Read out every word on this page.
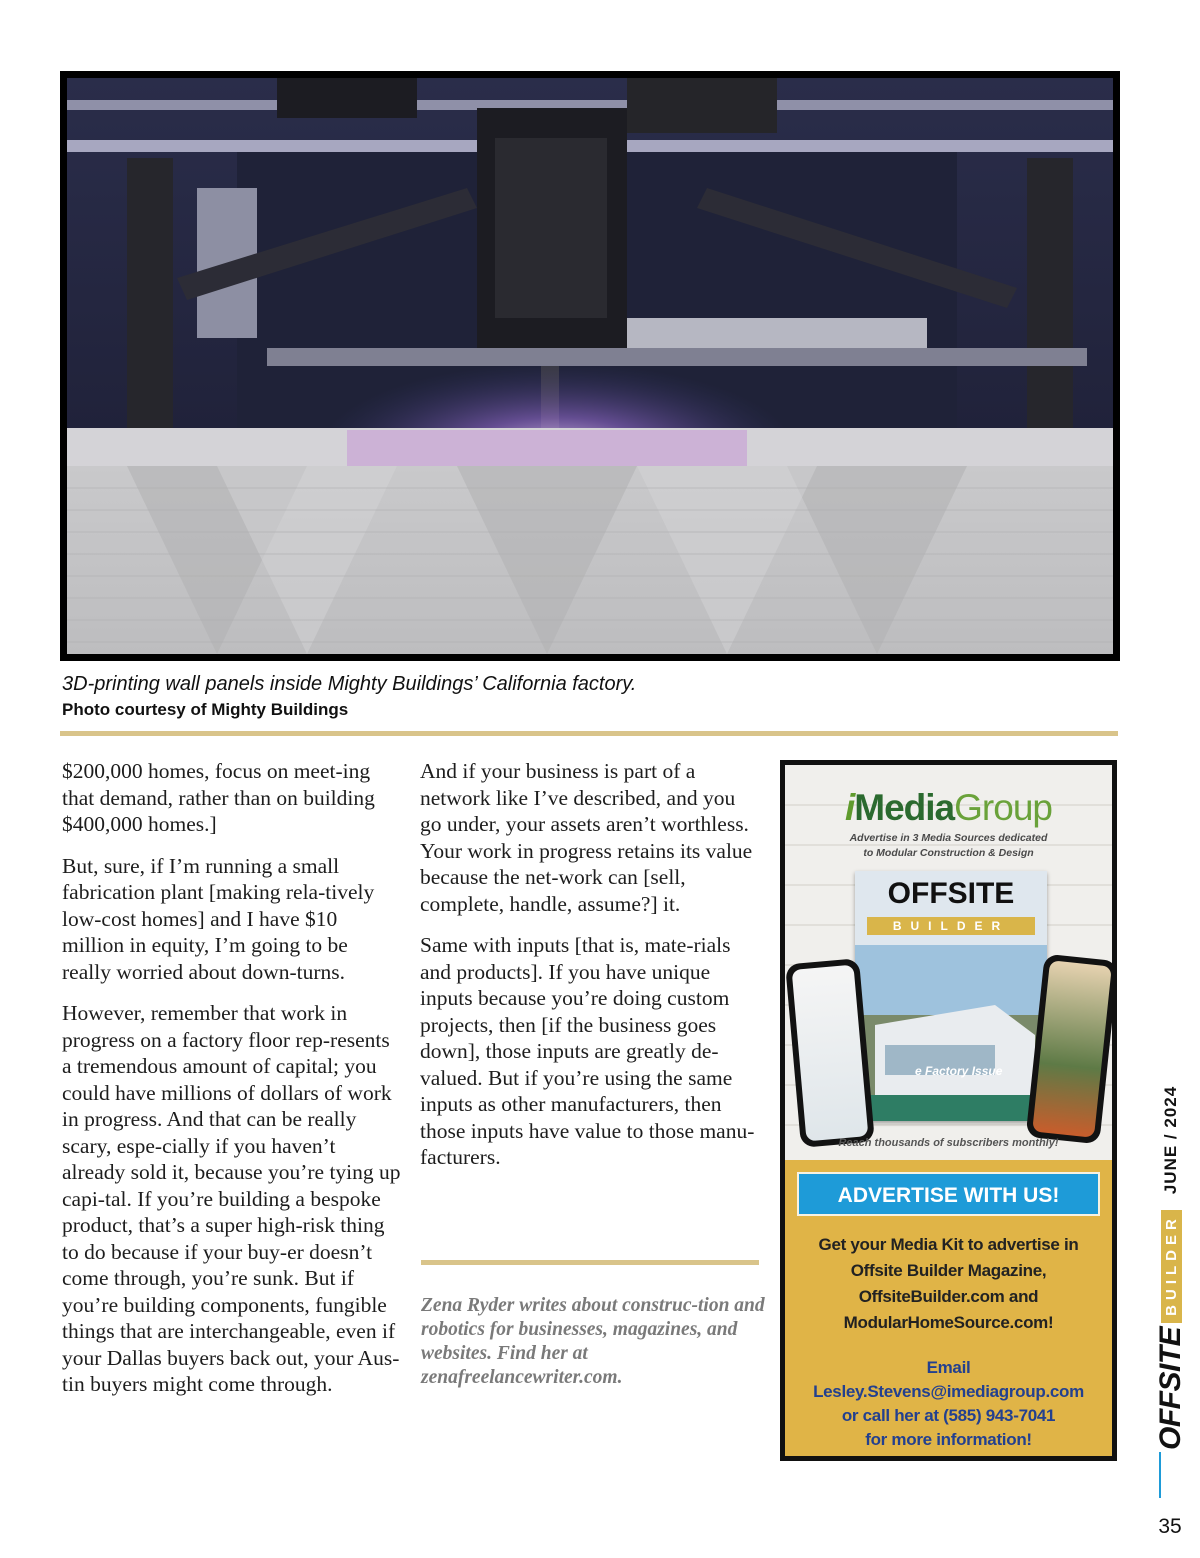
3D-printing wall panels inside Mighty Buildings’ California factory.
Photo courtesy of Mighty Buildings

$200,000 homes, focus on meet-ing that demand, rather than on building $400,000 homes.]

But, sure, if I’m running a small fabrication plant [making rela-tively low-cost homes] and I have $10 million in equity, I’m going to be really worried about down-turns.

However, remember that work in progress on a factory floor rep-resents a tremendous amount of capital; you could have millions of dollars of work in progress. And that can be really scary, espe-cially if you haven’t already sold it, because you’re tying up capi-tal. If you’re building a bespoke product, that’s a super high-risk thing to do because if your buy-er doesn’t come through, you’re sunk. But if you’re building components, fungible things that are interchangeable, even if your Dallas buyers back out, your Aus-tin buyers might come through.

And if your business is part of a network like I’ve described, and you go under, your assets aren’t worthless. Your work in progress retains its value because the net-work can [sell, complete, handle, assume?] it.

Same with inputs [that is, mate-rials and products]. If you have unique inputs because you’re doing custom projects, then [if the business goes down], those inputs are greatly de-valued. But if you’re using the same inputs as other manufacturers, then those inputs have value to those manu-facturers.

Zena Ryder writes about construc-tion and robotics for businesses, magazines, and websites. Find her at zenafreelancewriter.com.
iMediaGroup
Advertise in 3 Media Sources dedicated
to Modular Construction & Design
OFFSITE
BUILDER
e Factory Issue
Reach thousands of subscribers monthly!
ADVERTISE WITH US!
Get your Media Kit to advertise in
Offsite Builder Magazine,
OffsiteBuilder.com and
ModularHomeSource.com!
Email
Lesley.Stevens@imediagroup.com
or call her at (585) 943-7041
for more information!	OFFSITE
BUILDER
JUNE / 2024
35
